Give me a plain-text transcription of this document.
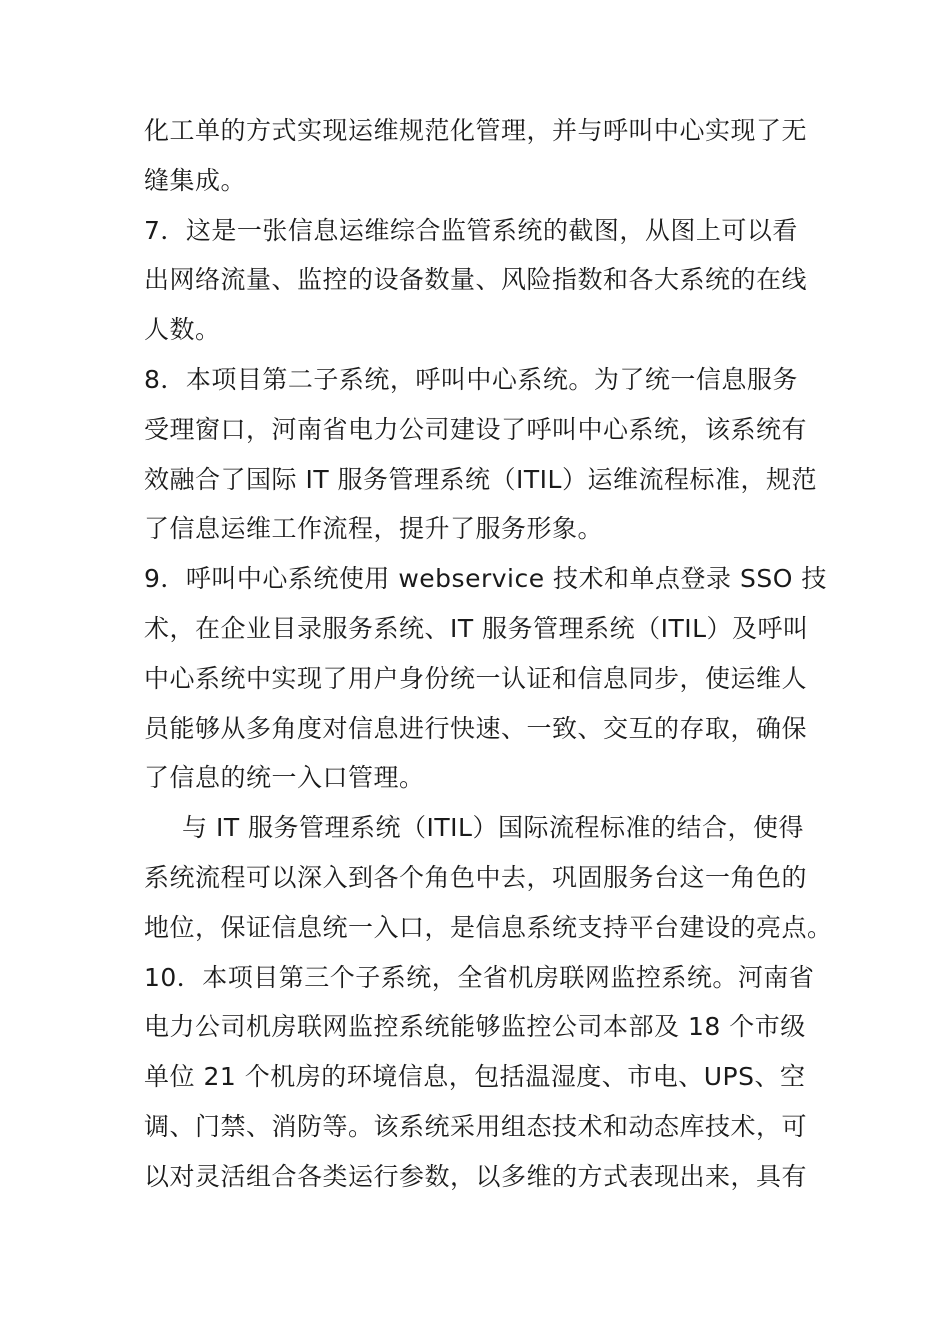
化工单的方式实现运维规范化管理，并与呼叫中心实现了无
缝集成。
7．这是一张信息运维综合监管系统的截图，从图上可以看
出网络流量、监控的设备数量、风险指数和各大系统的在线
人数。
8．本项目第二子系统，呼叫中心系统。为了统一信息服务
受理窗口，河南省电力公司建设了呼叫中心系统，该系统有
效融合了国际 IT 服务管理系统（ITIL）运维流程标准，规范
了信息运维工作流程，提升了服务形象。
9．呼叫中心系统使用 webservice 技术和单点登录 SSO 技
术，在企业目录服务系统、IT 服务管理系统（ITIL）及呼叫
中心系统中实现了用户身份统一认证和信息同步，使运维人
员能够从多角度对信息进行快速、一致、交互的存取，确保
了信息的统一入口管理。
与 IT 服务管理系统（ITIL）国际流程标准的结合，使得
系统流程可以深入到各个角色中去，巩固服务台这一角色的
地位，保证信息统一入口，是信息系统支持平台建设的亮点。
10．本项目第三个子系统，全省机房联网监控系统。河南省
电力公司机房联网监控系统能够监控公司本部及 18 个市级
单位 21 个机房的环境信息，包括温湿度、市电、UPS、空
调、门禁、消防等。该系统采用组态技术和动态库技术，可
以对灵活组合各类运行参数，以多维的方式表现出来，具有
